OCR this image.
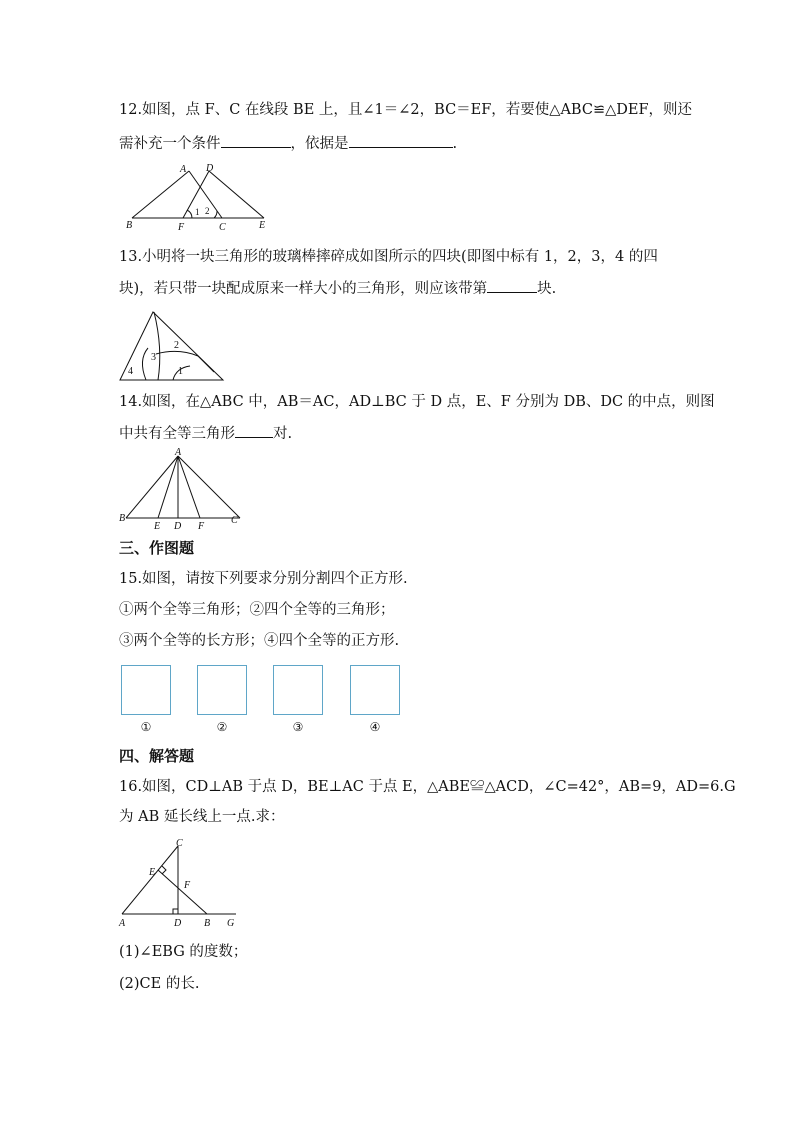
12.如图，点 F、C 在线段 BE 上，且∠1＝∠2，BC＝EF，若要使△ABC≌△DEF，则还
需补充一个条件	，依据是	.
A D
B	F	C	E
1 2
13.小明将一块三角形的玻璃棒摔碎成如图所示的四块(即图中标有 1，2，3，4 的四
块)，若只带一块配成原来一样大小的三角形，则应该带第	块.
4
3
2
1
14.如图，在△ABC 中，AB＝AC，AD⊥BC 于 D 点，E、F 分别为 DB、DC 的中点，则图
中共有全等三角形	对.
A
B
E D F
C
三、作图题
15.如图，请按下列要求分别分割四个正方形.
①两个全等三角形；②四个全等的三角形；
③两个全等的长方形；④四个全等的正方形.
①	②	③	④
四、解答题
16.如图，CD⊥AB 于点 D，BE⊥AC 于点 E，△ABE≌△ACD，∠C=42°，AB=9，AD=6.G
为 AB 延长线上一点.求：
C
E
F
A	D B G
(1)∠EBG 的度数；
(2)CE 的长.
